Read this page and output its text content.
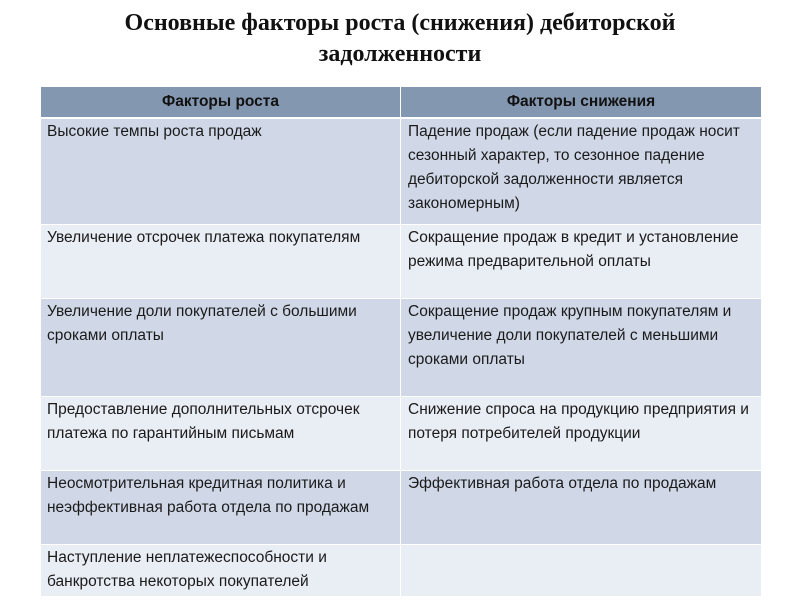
Основные факторы роста (снижения) дебиторской
задолженности
Факторы роста	Факторы снижения
Высокие темпы роста продаж	Падение продаж (если падение продаж носит сезонный характер, то сезонное падение дебиторской задолженности является закономерным)
Увеличение отсрочек платежа покупателям	Сокращение продаж в кредит и установление режима предварительной оплаты
Увеличение доли покупателей с большими сроками оплаты	Сокращение продаж крупным покупателям и увеличение доли покупателей с меньшими сроками оплаты
Предоставление дополнительных отсрочек платежа по гарантийным письмам	Снижение спроса на продукцию предприятия и потеря потребителей продукции
Неосмотрительная кредитная политика и неэффективная работа отдела по продажам	Эффективная работа отдела по продажам
Наступление неплатежеспособности и банкротства некоторых покупателей	
